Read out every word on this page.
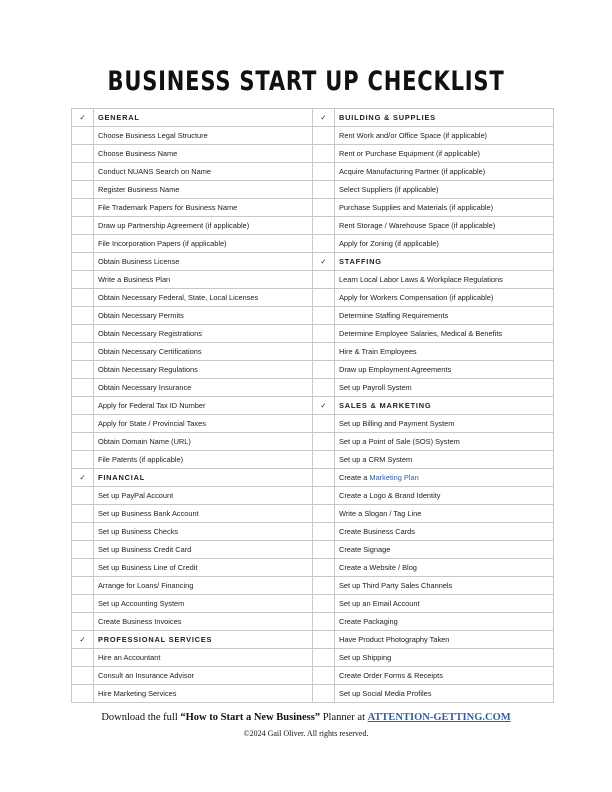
BUSINESS START UP CHECKLIST
✓	GENERAL	✓	BUILDING & SUPPLIES
	Choose Business Legal Structure		Rent Work and/or Office Space (if applicable)
	Choose Business Name		Rent or Purchase Equipment (if applicable)
	Conduct NUANS Search on Name		Acquire Manufacturing Partner (if applicable)
	Register Business Name		Select Suppliers (if applicable)
	File Trademark Papers for Business Name		Purchase Supplies and Materials (if applicable)
	Draw up Partnership Agreement (if applicable)		Rent Storage / Warehouse Space (if applicable)
	File Incorporation Papers (if applicable)		Apply for Zoning (if applicable)
	Obtain Business License	✓	STAFFING
	Write a Business Plan		Learn Local Labor Laws & Workplace Regulations
	Obtain Necessary Federal, State, Local Licenses		Apply for Workers Compensation (if applicable)
	Obtain Necessary Permits		Determine Staffing Requirements
	Obtain Necessary Registrations		Determine Employee Salaries, Medical & Benefits
	Obtain Necessary Certifications		Hire & Train Employees
	Obtain Necessary Regulations		Draw up Employment Agreements
	Obtain Necessary Insurance		Set up Payroll System
	Apply for Federal Tax ID Number	✓	SALES & MARKETING
	Apply for State / Provincial Taxes		Set up Billing and Payment System
	Obtain Domain Name (URL)		Set up a Point of Sale (SOS) System
	File Patents (if applicable)		Set up a CRM System
✓	FINANCIAL		Create a Marketing Plan
	Set up PayPal Account		Create a Logo & Brand Identity
	Set up Business Bank Account		Write a Slogan / Tag Line
	Set up Business Checks		Create Business Cards
	Set up Business Credit Card		Create Signage
	Set up Business Line of Credit		Create a Website / Blog
	Arrange for Loans/ Financing		Set up Third Party Sales Channels
	Set up Accounting System		Set up an Email Account
	Create Business Invoices		Create Packaging
✓	PROFESSIONAL SERVICES		Have Product Photography Taken
	Hire an Accountant		Set up Shipping
	Consult an Insurance Advisor		Create Order Forms & Receipts
	Hire Marketing Services		Set up Social Media Profiles

Download the full “How to Start a New Business” Planner at ATTENTION-GETTING.COM

©2024 Gail Oliver. All rights reserved.
